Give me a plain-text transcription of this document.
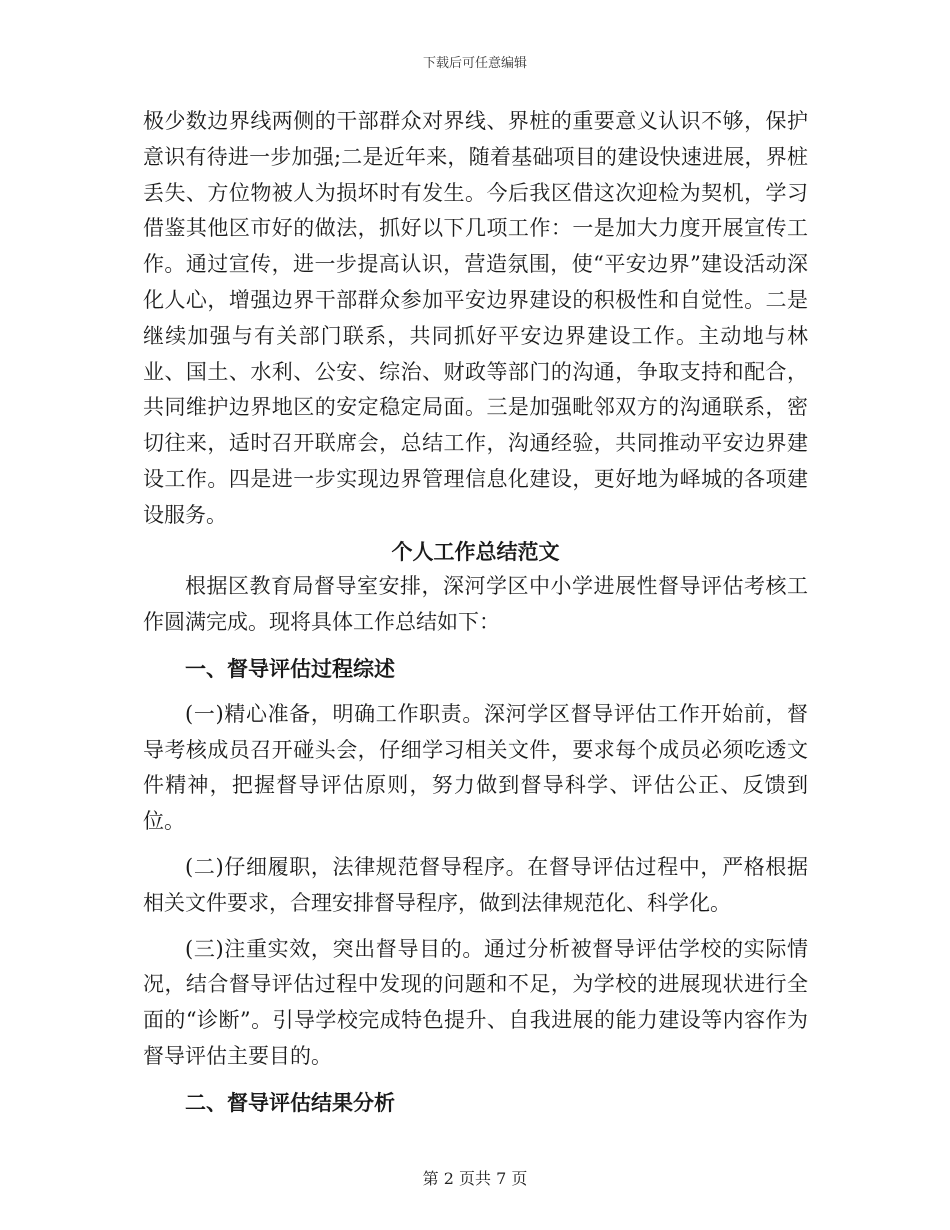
下载后可任意编辑

极少数边界线两侧的干部群众对界线、界桩的重要意义认识不够，保护意识有待进一步加强;二是近年来，随着基础项目的建设快速进展，界桩丢失、方位物被人为损坏时有发生。今后我区借这次迎检为契机，学习借鉴其他区市好的做法，抓好以下几项工作：一是加大力度开展宣传工作。通过宣传，进一步提高认识，营造氛围，使“平安边界”建设活动深化人心，增强边界干部群众参加平安边界建设的积极性和自觉性。二是继续加强与有关部门联系，共同抓好平安边界建设工作。主动地与林业、国土、水利、公安、综治、财政等部门的沟通，争取支持和配合，共同维护边界地区的安定稳定局面。三是加强毗邻双方的沟通联系，密切往来，适时召开联席会，总结工作，沟通经验，共同推动平安边界建设工作。四是进一步实现边界管理信息化建设，更好地为峄城的各项建设服务。

个人工作总结范文

根据区教育局督导室安排，深河学区中小学进展性督导评估考核工作圆满完成。现将具体工作总结如下：

一、督导评估过程综述

(一)精心准备，明确工作职责。深河学区督导评估工作开始前，督导考核成员召开碰头会，仔细学习相关文件，要求每个成员必须吃透文件精神，把握督导评估原则，努力做到督导科学、评估公正、反馈到位。

(二)仔细履职，法律规范督导程序。在督导评估过程中，严格根据相关文件要求，合理安排督导程序，做到法律规范化、科学化。

(三)注重实效，突出督导目的。通过分析被督导评估学校的实际情况，结合督导评估过程中发现的问题和不足，为学校的进展现状进行全面的“诊断”。引导学校完成特色提升、自我进展的能力建设等内容作为督导评估主要目的。

二、督导评估结果分析

第 2 页共 7 页
